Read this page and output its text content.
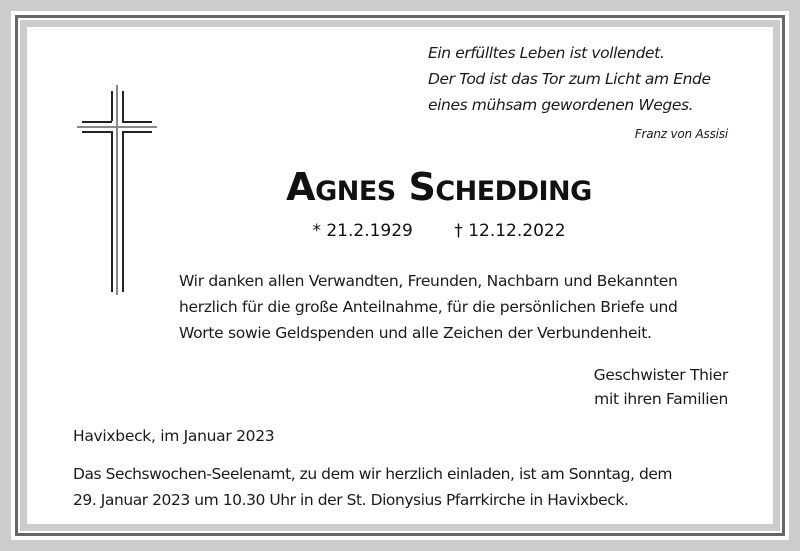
Ein erfülltes Leben ist vollendet.
Der Tod ist das Tor zum Licht am Ende
eines mühsam gewordenen Weges.
Franz von Assisi
Agnes Schedding
* 21.2.1929 † 12.12.2022
Wir danken allen Verwandten, Freunden, Nachbarn und Bekannten
herzlich für die große Anteilnahme, für die persönlichen Briefe und
Worte sowie Geldspenden und alle Zeichen der Verbundenheit.
Geschwister Thier
mit ihren Familien
Havixbeck, im Januar 2023
Das Sechswochen-Seelenamt, zu dem wir herzlich einladen, ist am Sonntag, dem
29. Januar 2023 um 10.30 Uhr in der St. Dionysius Pfarrkirche in Havixbeck.
